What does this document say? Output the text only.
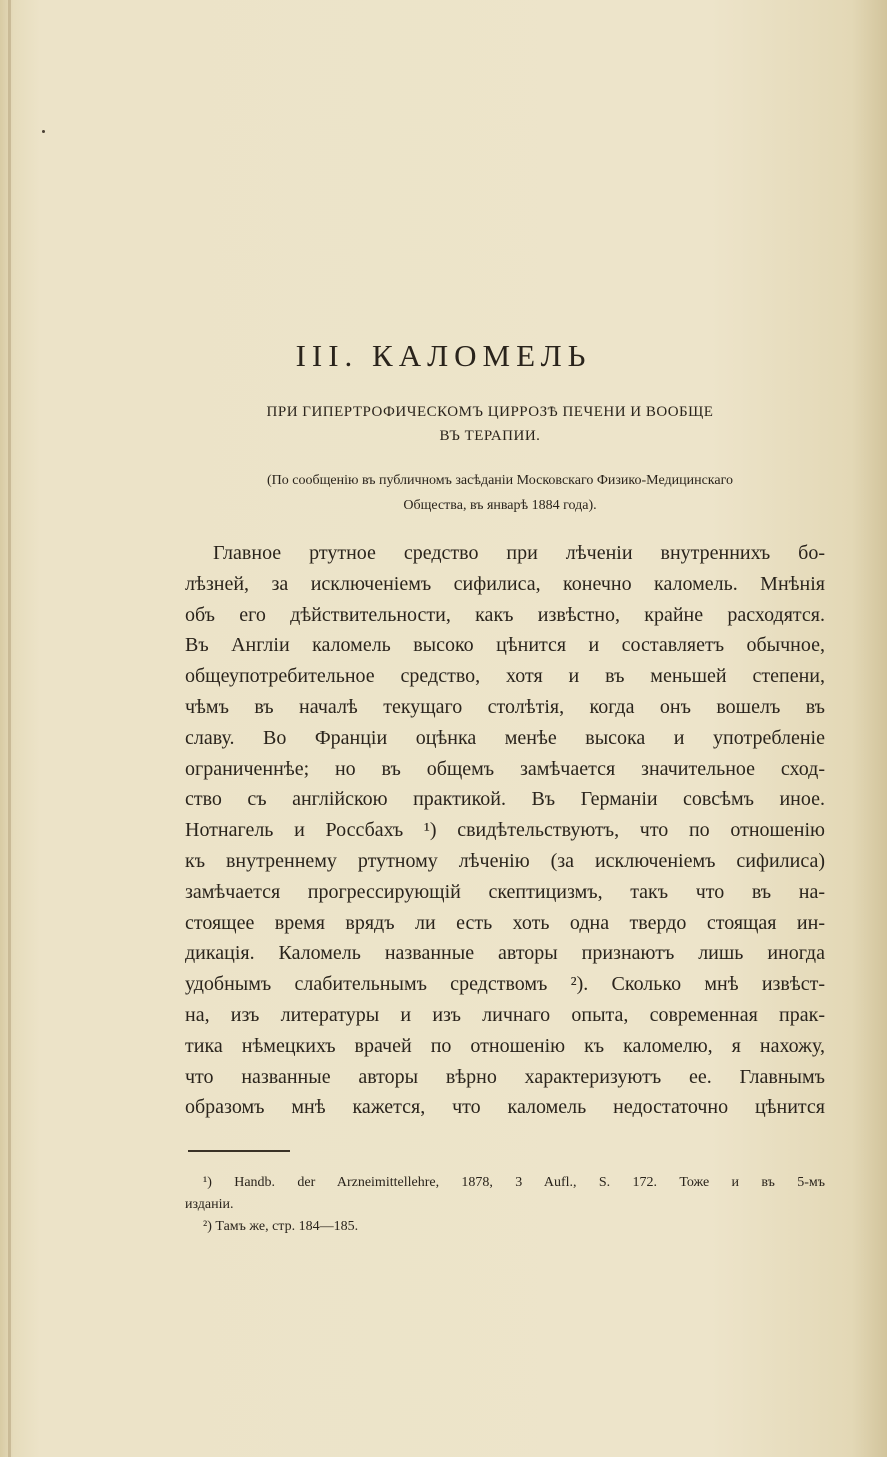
III. КАЛОМЕЛЬ
ПРИ ГИПЕРТРОФИЧЕСКОМЪ ЦИРРОЗѢ ПЕЧЕНИ И ВООБЩЕ
ВЪ ТЕРАПИИ.
(По сообщенію въ публичномъ засѣданіи Московскаго Физико-Медицинскаго
Общества, въ январѣ 1884 года).
Главное ртутное средство при лѣченіи внутреннихъ бо-
лѣзней, за исключеніемъ сифилиса, конечно каломель. Мнѣнія
объ его дѣйствительности, какъ извѣстно, крайне расходятся.
Въ Англіи каломель высоко цѣнится и составляетъ обычное,
общеупотребительное средство, хотя и въ меньшей степени,
чѣмъ въ началѣ текущаго столѣтія, когда онъ вошелъ въ
славу. Во Франціи оцѣнка менѣе высока и употребленіе
ограниченнѣе; но въ общемъ замѣчается значительное сход-
ство съ англійскою практикой. Въ Германіи совсѣмъ иное.
Нотнагель и Россбахъ ¹) свидѣтельствуютъ, что по отношенію
къ внутреннему ртутному лѣченію (за исключеніемъ сифилиса)
замѣчается прогрессирующій скептицизмъ, такъ что въ на-
стоящее время врядъ ли есть хоть одна твердо стоящая ин-
дикація. Каломель названные авторы признаютъ лишь иногда
удобнымъ слабительнымъ средствомъ ²). Сколько мнѣ извѣст-
на, изъ литературы и изъ личнаго опыта, современная прак-
тика нѣмецкихъ врачей по отношенію къ каломелю, я нахожу,
что названные авторы вѣрно характеризуютъ ее. Главнымъ
образомъ мнѣ кажется, что каломель недостаточно цѣнится
¹) Handb. der Arzneimittellehre, 1878, 3 Aufl., S. 172. Тоже и въ 5-мъ
изданіи.
²) Тамъ же, стр. 184—185.
